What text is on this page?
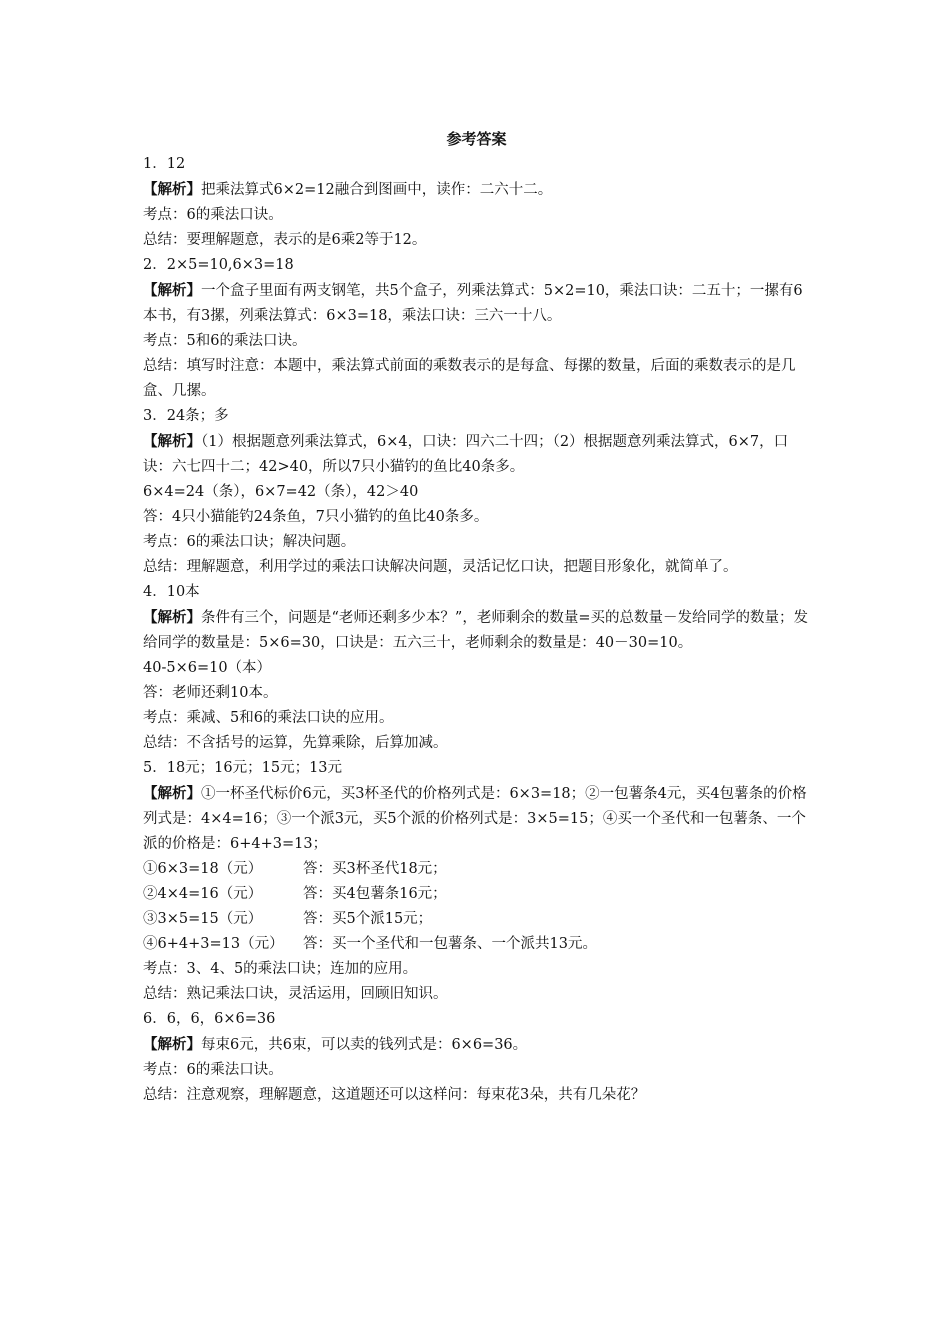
参考答案
1．12
【解析】把乘法算式6×2=12融合到图画中，读作：二六十二。
考点：6的乘法口诀。
总结：要理解题意，表示的是6乘2等于12。
2．2×5=10,6×3=18
【解析】一个盒子里面有两支钢笔，共5个盒子，列乘法算式：5×2=10，乘法口诀：二五十；一摞有6本书，有3摞，列乘法算式：6×3=18，乘法口诀：三六一十八。
考点：5和6的乘法口诀。
总结：填写时注意：本题中，乘法算式前面的乘数表示的是每盒、每摞的数量，后面的乘数表示的是几盒、几摞。
3．24条；多
【解析】（1）根据题意列乘法算式，6×4，口诀：四六二十四；（2）根据题意列乘法算式，6×7，口诀：六七四十二；42>40，所以7只小猫钓的鱼比40条多。
6×4=24（条），6×7=42（条），42＞40
答：4只小猫能钓24条鱼，7只小猫钓的鱼比40条多。
考点：6的乘法口诀；解决问题。
总结：理解题意，利用学过的乘法口诀解决问题，灵活记忆口诀，把题目形象化，就简单了。
4．10本
【解析】条件有三个，问题是“老师还剩多少本？”，老师剩余的数量=买的总数量－发给同学的数量；发给同学的数量是：5×6=30，口诀是：五六三十，老师剩余的数量是：40－30=10。
40-5×6=10（本）
答：老师还剩10本。
考点：乘减、5和6的乘法口诀的应用。
总结：不含括号的运算，先算乘除，后算加减。
5．18元；16元；15元；13元
【解析】①一杯圣代标价6元，买3杯圣代的价格列式是：6×3=18；②一包薯条4元，买4包薯条的价格列式是：4×4=16；③一个派3元，买5个派的价格列式是：3×5=15；④买一个圣代和一包薯条、一个派的价格是：6+4+3=13；
①6×3=18（元）	答：买3杯圣代18元；
②4×4=16（元）	答：买4包薯条16元；
③3×5=15（元）	答：买5个派15元；
④6+4+3=13（元）	答：买一个圣代和一包薯条、一个派共13元。
考点：3、4、5的乘法口诀；连加的应用。
总结：熟记乘法口诀，灵活运用，回顾旧知识。
6．6，6，6×6=36
【解析】每束6元，共6束，可以卖的钱列式是：6×6=36。
考点：6的乘法口诀。
总结：注意观察，理解题意，这道题还可以这样问：每束花3朵，共有几朵花？
